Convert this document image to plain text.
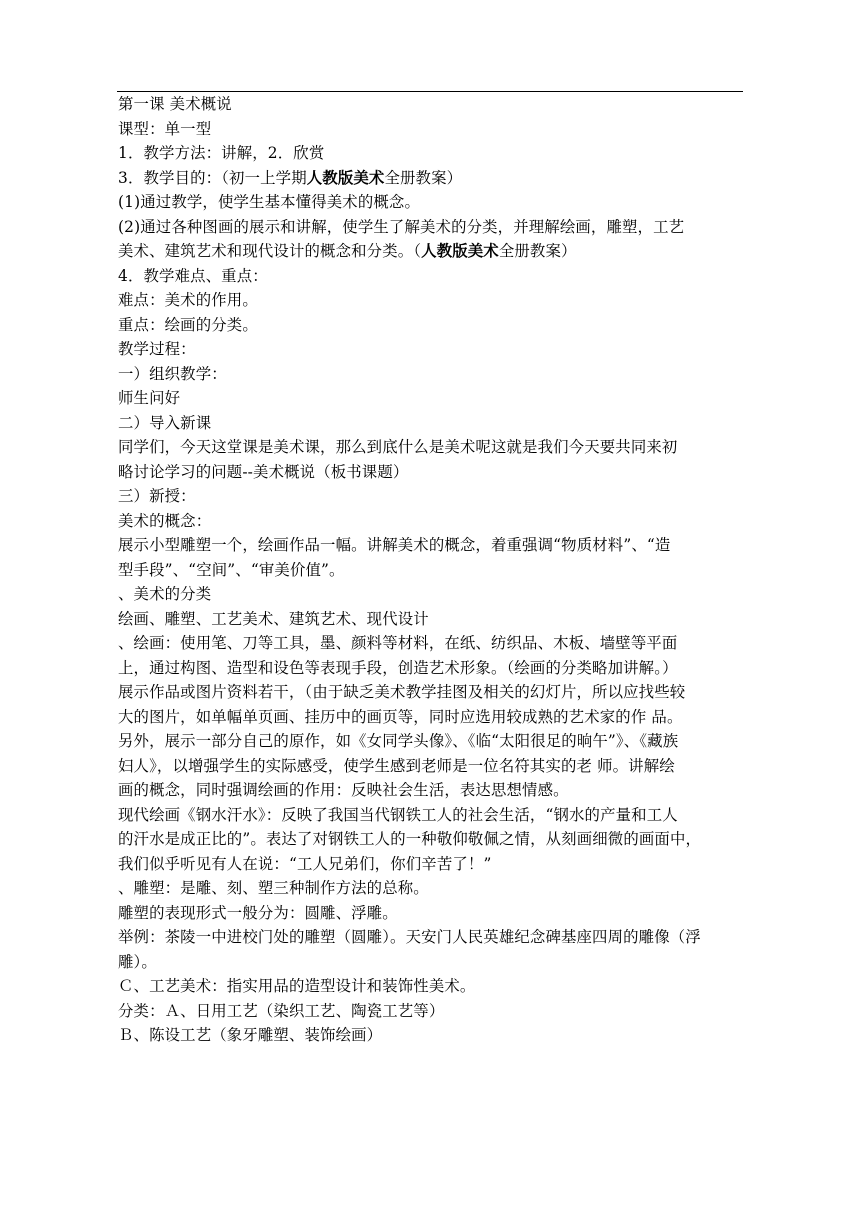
第一课 美术概说
课型：单一型
1．教学方法：讲解，2．欣赏
3．教学目的：（初一上学期人教版美术全册教案）
(1)通过教学，使学生基本懂得美术的概念。
(2)通过各种图画的展示和讲解，使学生了解美术的分类，并理解绘画，雕塑，工艺
美术、建筑艺术和现代设计的概念和分类。（人教版美术全册教案）
4．教学难点、重点：
难点：美术的作用。
重点：绘画的分类。
教学过程：
一）组织教学：
师生问好
二）导入新课
同学们，今天这堂课是美术课，那么到底什么是美术呢这就是我们今天要共同来初
略讨论学习的问题--美术概说（板书课题）
三）新授：
美术的概念：
展示小型雕塑一个，绘画作品一幅。讲解美术的概念，着重强调“物质材料”、“造
型手段”、“空间”、“审美价值”。
、美术的分类
绘画、雕塑、工艺美术、建筑艺术、现代设计
、绘画：使用笔、刀等工具，墨、颜料等材料，在纸、纺织品、木板、墙壁等平面
上，通过构图、造型和设色等表现手段，创造艺术形象。（绘画的分类略加讲解。）
展示作品或图片资料若干，（由于缺乏美术教学挂图及相关的幻灯片，所以应找些较
大的图片，如单幅单页画、挂历中的画页等，同时应选用较成熟的艺术家的作 品。
另外，展示一部分自己的原作，如《女同学头像》、《临“太阳很足的晌午”》、《藏族
妇人》，以增强学生的实际感受，使学生感到老师是一位名符其实的老 师。讲解绘
画的概念，同时强调绘画的作用：反映社会生活，表达思想情感。
现代绘画《钢水汗水》：反映了我国当代钢铁工人的社会生活，“钢水的产量和工人
的汗水是成正比的”。表达了对钢铁工人的一种敬仰敬佩之情，从刻画细微的画面中，
我们似乎听见有人在说：“工人兄弟们，你们辛苦了！”
、雕塑：是雕、刻、塑三种制作方法的总称。
雕塑的表现形式一般分为：圆雕、浮雕。
举例：茶陵一中进校门处的雕塑（圆雕）。天安门人民英雄纪念碑基座四周的雕像（浮
雕）。
Ｃ、工艺美术：指实用品的造型设计和装饰性美术。
分类：Ａ、日用工艺（染织工艺、陶瓷工艺等）
Ｂ、陈设工艺（象牙雕塑、装饰绘画）
